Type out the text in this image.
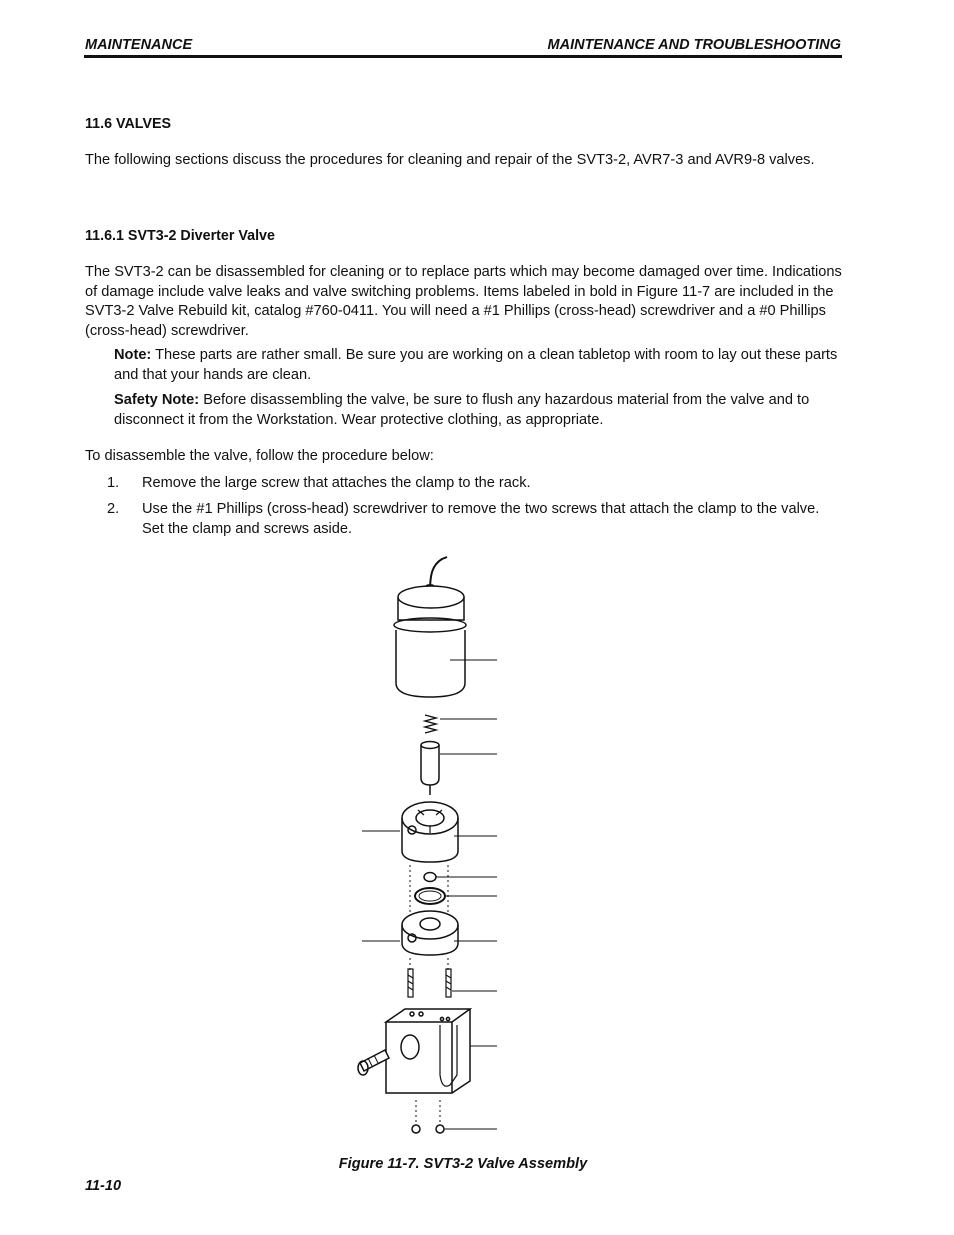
MAINTENANCE	MAINTENANCE AND TROUBLESHOOTING
11.6 VALVES
The following sections discuss the procedures for cleaning and repair of the SVT3-2, AVR7-3 and AVR9-8 valves.
11.6.1 SVT3-2 Diverter Valve
The SVT3-2 can be disassembled for cleaning or to replace parts which may become damaged over time. Indications of damage include valve leaks and valve switching problems. Items labeled in bold in Figure 11-7 are included in the SVT3-2 Valve Rebuild kit, catalog #760-0411. You will need a #1 Phillips (cross-head) screwdriver and a #0 Phillips (cross-head) screwdriver.
Note: These parts are rather small. Be sure you are working on a clean tabletop with room to lay out these parts and that your hands are clean.
Safety Note: Before disassembling the valve, be sure to flush any hazardous material from the valve and to disconnect it from the Workstation. Wear protective clothing, as appropriate.
To disassemble the valve, follow the procedure below:
1. Remove the large screw that attaches the clamp to the rack.
2. Use the #1 Phillips (cross-head) screwdriver to remove the two screws that attach the clamp to the valve. Set the clamp and screws aside.
Figure 11-7. SVT3-2 Valve Assembly
11-10
